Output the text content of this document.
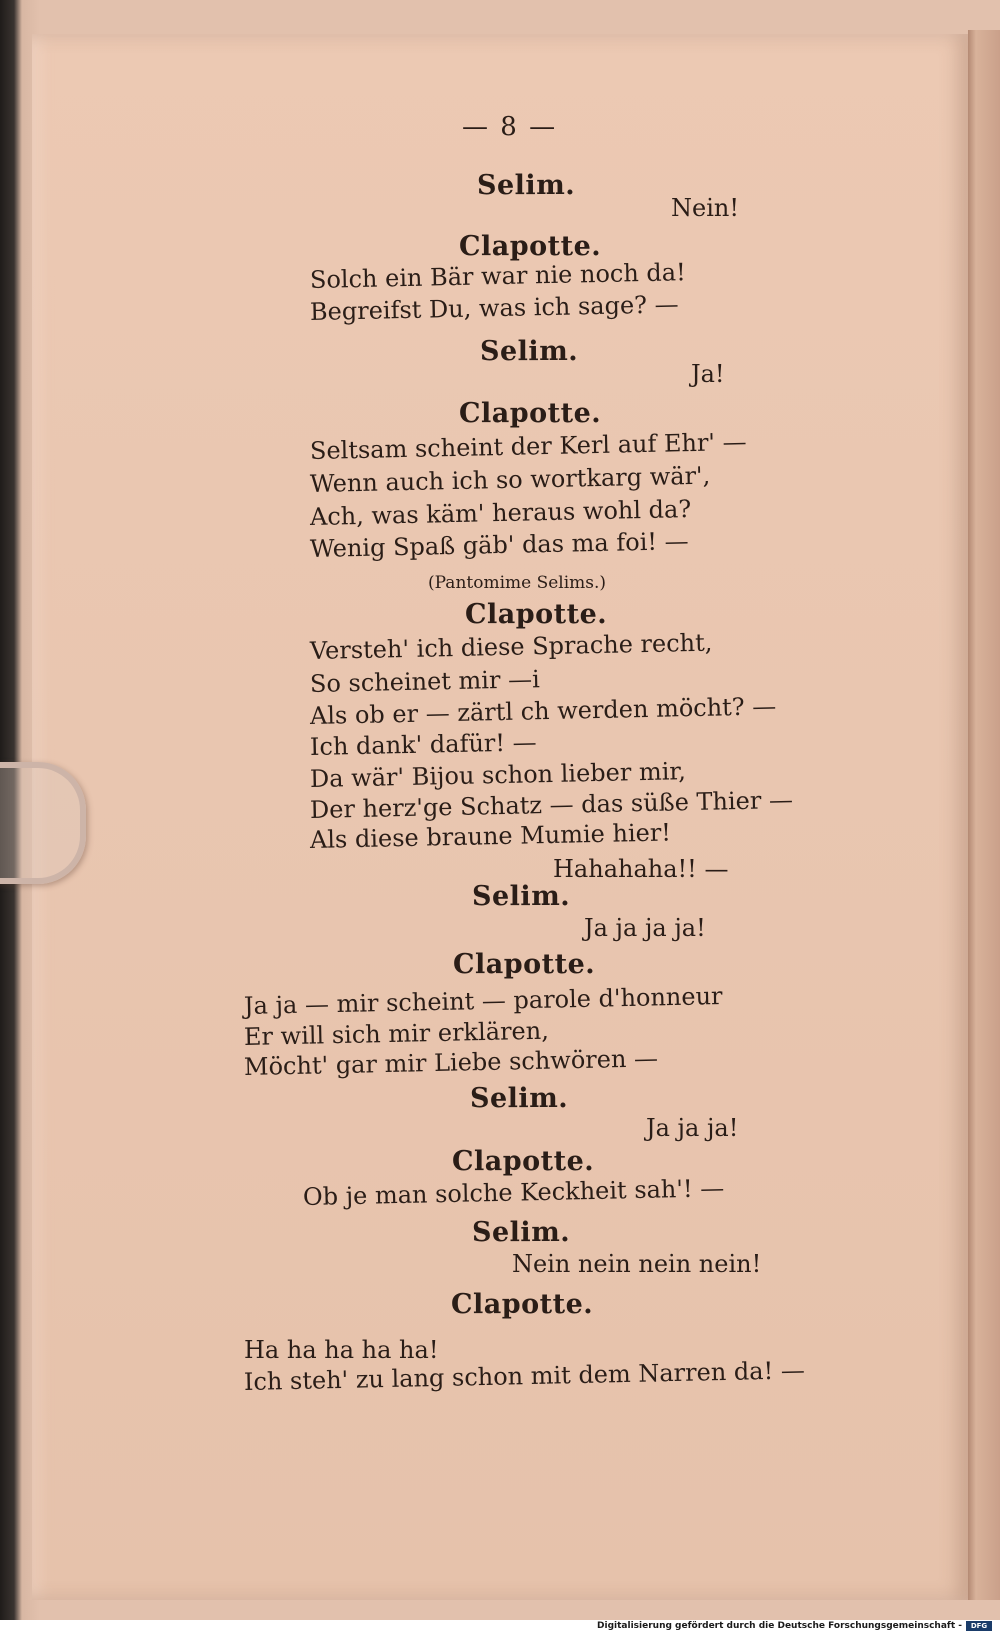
— 8 —
Selim.
Nein!
Clapotte.
Solch ein Bär war nie noch da!
Begreifst Du, was ich sage? —
Selim.
Ja!
Clapotte.
Seltsam scheint der Kerl auf Ehr' —
Wenn auch ich so wortkarg wär',
Ach, was käm' heraus wohl da?
Wenig Spaß gäb' das ma foi! —
(Pantomime Selims.)
Clapotte.
Versteh' ich diese Sprache recht,
So scheinet mir —i
Als ob er — zärtl ch werden möcht? —
Ich dank' dafür! —
Da wär' Bijou schon lieber mir,
Der herz'ge Schatz — das süße Thier —
Als diese braune Mumie hier!
Hahahaha!! —
Selim.
Ja ja ja ja!
Clapotte.
Ja ja — mir scheint — parole d'honneur
Er will sich mir erklären,
Möcht' gar mir Liebe schwören —
Selim.
Ja ja ja!
Clapotte.
Ob je man solche Keckheit sah'! —
Selim.
Nein nein nein nein!
Clapotte.
Ha ha ha ha ha!
Ich steh' zu lang schon mit dem Narren da! —
Digitalisierung gefördert durch die Deutsche Forschungsgemeinschaft -	DFG
